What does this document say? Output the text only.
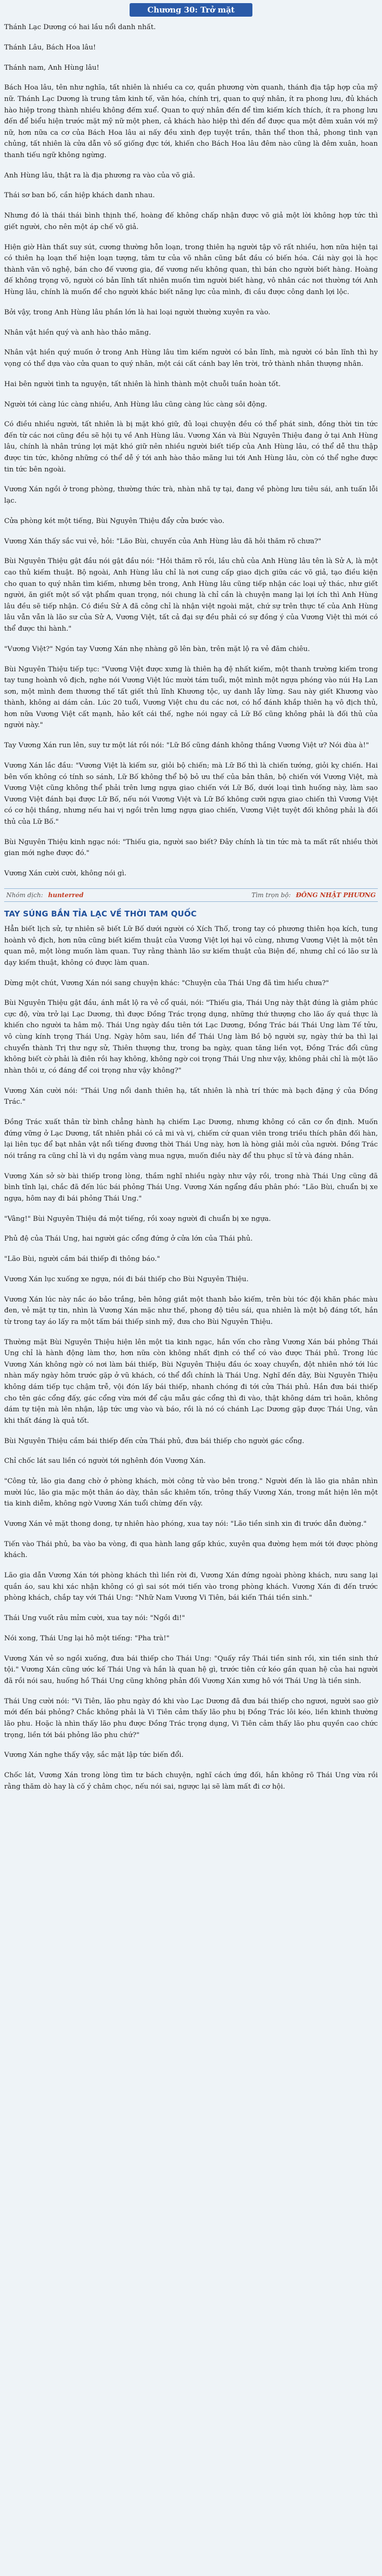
Chương 30: Trở mặt

Thánh Lạc Dương có hai lầu nổi danh nhất.

Thánh Lâu, Bách Hoa lâu!

Thánh nam, Anh Hùng lâu!

Bách Hoa lâu, tên như nghĩa, tất nhiên là nhiều ca cơ, quần phương vờn quanh, thánh địa tập hợp của mỹ nữ. Thánh Lạc Dương là trung tâm kinh tế, văn hóa, chính trị, quan to quý nhân, ít ra phong lưu, đủ khách hào hiệp trong thành nhiều không đếm xuể. Quan to quý nhân đến để tìm kiếm kích thích, ít ra phong lưu đến để biểu hiện trước mặt mỹ nữ một phen, cả khách hào hiệp thì đến để được qua một đêm xuân với mỹ nữ, hơn nữa ca cơ của Bách Hoa lâu ai nấy đều xinh đẹp tuyệt trần, thân thể thon thả, phong tình vạn chủng, tất nhiên là cửa dẫn vô số giống đực tới, khiến cho Bách Hoa lâu đêm nào cũng là đêm xuân, hoan thanh tiếu ngữ không ngừng.

Anh Hùng lâu, thật ra là địa phương ra vào của võ giả.

Thái sơ ban bố, cần hiệp khách danh nhau.

Nhưng đó là thái thái bình thịnh thế, hoàng đế không chấp nhận được võ giả một lời không hợp tức thì giết người, cho nên một áp chế võ giả.

Hiện giờ Hàn thất suy sút, cương thường hỗn loạn, trong thiên hạ người tập võ rất nhiều, hơn nữa hiện tại có thiên hạ loạn thế hiện loạn tượng, tâm tư của võ nhân cũng bắt đầu có biến hóa. Cái này gọi là học thành văn võ nghệ, bán cho đế vương gia, đế vương nếu không quan, thì bán cho người biết hàng. Hoàng đế không trọng võ, người có bản lĩnh tất nhiên muốn tìm người biết hàng, vô nhân các nơi thường tới Anh Hùng lâu, chính là muốn để cho người khác biết năng lực của mình, đi cầu được công danh lợi lộc.

Bởi vậy, trong Anh Hùng lâu phần lớn là hai loại người thường xuyên ra vào.

Nhân vật hiền quý và anh hào thảo mãng.

Nhân vật hiền quý muốn ở trong Anh Hùng lâu tìm kiếm người có bản lĩnh, mà người có bản lĩnh thì hy vọng có thể dựa vào cửa quan to quý nhân, một cái cất cánh bay lên trời, trở thành nhân thượng nhân.

Hai bên người tình ta nguyện, tất nhiên là hình thành một chuỗi tuần hoàn tốt.

Người tới càng lúc càng nhiều, Anh Hùng lâu cũng càng lúc càng sôi động.

Có điều nhiều người, tất nhiên là bị mặt khó giữ, đủ loại chuyện đều có thể phát sinh, đồng thời tin tức đến từ các nơi cũng đều sẽ hội tụ về Anh Hùng lâu. Vương Xán và Bùi Nguyên Thiệu đang ở tại Anh Hùng lâu, chính là nhân trúng lợi mặt khó giữ nên nhiều người biết tiếp của Anh Hùng lâu, có thể dễ thu thập được tin tức, không những có thể dễ ý tới anh hào thảo mãng lui tới Anh Hùng lâu, còn có thể nghe được tin tức bên ngoài.

Vương Xán ngồi ở trong phòng, thường thức trà, nhàn nhã tự tại, đang về phòng lưu tiêu sái, anh tuấn lỗi lạc.

Cửa phòng két một tiếng, Bùi Nguyên Thiệu đẩy cửa bước vào.

Vương Xán thấy sắc vui vẻ, hỏi: "Lão Bùi, chuyến của Anh Hùng lâu đã hỏi thăm rõ chưa?"

Bùi Nguyên Thiệu gật đầu nói gật đầu nói: "Hỏi thăm rõ rồi, lầu chủ của Anh Hùng lâu tên là Sử A, là một cao thủ kiếm thuật. Bộ ngoài, Anh Hùng lâu chỉ là nơi cung cấp giao dịch giữa các võ giả, tạo điều kiện cho quan to quý nhân tìm kiếm, nhưng bên trong, Anh Hùng lâu cũng tiếp nhận các loại uỷ thác, như giết người, ăn giết một số vật phẩm quan trọng, nói chung là chỉ cần là chuyện mang lại lợi ích thì Anh Hùng lâu đều sẽ tiếp nhận. Có điều Sử A đã công chỉ là nhận việt ngoài mặt, chứ sự trên thực tế của Anh Hùng lâu vẫn vẫn là lão sư của Sử A, Vương Việt, tất cả đại sự đều phải có sự đồng ý của Vương Việt thì mới có thể được thi hành."

"Vương Việt?" Ngón tay Vương Xán nhẹ nhàng gõ lên bàn, trên mặt lộ ra vẻ đăm chiêu.

Bùi Nguyên Thiệu tiếp tục: "Vương Việt được xưng là thiên hạ đệ nhất kiếm, một thanh trường kiếm trong tay tung hoành vô địch, nghe nói Vương Việt lúc mười tám tuổi, một mình một ngựa phóng vào núi Hạ Lan sơn, một mình đem thương thế tất giết thủ lĩnh Khương tộc, uy danh lẫy lừng. Sau này giết Khương vào thành, không ai dám cản. Lúc 20 tuổi, Vương Việt chu du các nơi, có hổ đánh khắp thiên hạ vô địch thủ, hơn nữa Vương Việt cất mạnh, hảo kết cái thế, nghe nói ngay cả Lữ Bố cũng không phải là đối thủ của người này."

Tay Vương Xán run lên, suy tư một lát rồi nói: "Lữ Bố cũng đánh không thắng Vương Việt ư? Nói đùa à!"

Vương Xán lắc đầu: "Vương Việt là kiếm sư, giỏi bộ chiến; mà Lữ Bố thì là chiến tướng, giỏi kỵ chiến. Hai bên vốn không có tính so sánh, Lữ Bố không thể bộ bỏ ưu thế của bản thân, bộ chiến với Vương Việt, mà Vương Việt cũng không thể phải trên lưng ngựa giao chiến với Lữ Bố, dưới loại tình huống này, làm sao Vương Việt đánh bại được Lữ Bố, nếu nói Vương Việt và Lữ Bố không cưỡi ngựa giao chiến thì Vương Việt có cơ hội thắng, nhưng nếu hai vị ngồi trên lưng ngựa giao chiến, Vương Việt tuyệt đối không phải là đối thủ của Lữ Bố."

Bùi Nguyên Thiệu kinh ngạc nói: "Thiếu gia, người sao biết? Đây chính là tin tức mà ta mất rất nhiều thời gian mới nghe được đó."

Vương Xán cười cười, không nói gì.

Nhóm dịch: hunterred	Tìm trọn bộ: ĐÔNG NHẬT PHƯƠNG
TAY SÚNG BẮN TỈA LẠC VỀ THỜI TAM QUỐC

Hẳn biết lịch sử, tự nhiên sẽ biết Lữ Bố dưới người có Xích Thố, trong tay có phương thiên họa kích, tung hoành vô địch, hơn nữa cũng biết kiếm thuật của Vương Việt lợi hại vô cùng, nhưng Vương Việt là một tên quan mê, một lòng muốn làm quan. Tuy rằng thành lão sư kiếm thuật của Biện đế, nhưng chỉ có lão sư là dạy kiếm thuật, không có được làm quan.

Dừng một chút, Vương Xán nói sang chuyện khác: "Chuyện của Thái Ung đã tìm hiểu chưa?"

Bùi Nguyên Thiệu gật đầu, ánh mắt lộ ra vẻ cổ quái, nói: "Thiếu gia, Thái Ung này thật đúng là giảm phúc cực độ, vừa trở lại Lạc Dương, thì được Đồng Trác trọng dụng, những thứ thượng cho lão ấy quá thực là khiến cho người ta hâm mộ. Thái Ung ngày đầu tiên tới Lạc Dương, Đồng Trác bái Thái Ung làm Tế tửu, vô cùng kính trọng Thái Ung. Ngày hôm sau, liền để Thái Ung làm Bồ bộ người sự, ngày thứ ba thì lại chuyển thành Trị thư ngự sử, Thiên thượng thư, trong ba ngày, quan tăng liền vọt, Đồng Trác đổi cũng không biết cờ phải là điên rồi hay không, không ngờ coi trọng Thái Ung như vậy, không phải chỉ là một lão nhàn thôi ư, có đáng để coi trọng như vậy không?"

Vương Xán cười nói: "Thái Ung nổi danh thiên hạ, tất nhiên là nhà trí thức mà bạch đặng ý của Đồng Trác."

Đồng Trác xuất thân từ bình chẳng hành hạ chiếm Lạc Dương, nhưng không có căn cơ ổn định. Muốn đứng vững ở Lạc Dương, tất nhiên phải có cả mi và vị, chiếm cứ quan viên trong triều thích phân đối hàn, lại liên tục để bạt nhân vật nổi tiếng đương thời Thái Ung này, hơn là hòng giải mỏi của người. Đồng Trác nói trắng ra cũng chỉ là vì dụ ngầm vàng mua ngựa, muốn điều này để thu phục sĩ tử và đáng nhân.

Vương Xán sở sờ bài thiếp trong lòng, thầm nghĩ nhiều ngày như vậy rồi, trong nhà Thái Ung cũng đã bình tĩnh lại, chắc đã đến lúc bái phỏng Thái Ung. Vương Xán ngẩng đầu phân phó: "Lão Bùi, chuẩn bị xe ngựa, hôm nay đi bái phỏng Thái Ung."

"Vâng!" Bùi Nguyên Thiệu đá một tiếng, rồi xoay người đi chuẩn bị xe ngựa.

Phủ đệ của Thái Ung, hai người gác cổng đứng ở cửa lớn của Thái phủ.

"Lão Bùi, người cầm bái thiếp đi thông báo."

Vương Xán lục xuống xe ngựa, nói đi bái thiếp cho Bùi Nguyên Thiệu.

Vương Xán lúc này nắc áo bảo trắng, bên hông giắt một thanh bảo kiếm, trên bùi tóc đội khăn phác màu đen, vẻ mặt tự tin, nhìn là Vương Xán mặc như thế, phong độ tiêu sái, qua nhiên là một bộ đáng tốt, hắn từ trong tay áo lấy ra một tấm bái thiếp sinh mỹ, đưa cho Bùi Nguyên Thiệu.

Thường mặt Bùi Nguyên Thiệu hiện lên một tia kinh ngạc, hắn vốn cho rằng Vương Xán bái phỏng Thái Ung chỉ là hành động làm thơ, hơn nữa còn không nhất định có thể có vào được Thái phủ. Trong lúc Vương Xán không ngờ có nơi làm bái thiếp, Bùi Nguyên Thiệu đầu óc xoay chuyển, đột nhiên nhớ tới lúc nhàn mấy ngày hôm trước gặp ở vũ khách, có thể đổi chính là Thái Ung. Nghĩ đến đây, Bùi Nguyên Thiệu không dám tiếp tục chậm trễ, vội đón lấy bái thiếp, nhanh chóng đi tới cửa Thái phủ. Hắn đưa bái thiếp cho tên gác cổng đấy, gác cổng vừa mới để cậu mẫu gác cổng thì đi vào, thật không dám trì hoãn, không dám tự tiện mà lên nhận, lập tức ưng vào và báo, rồi là nó có chánh Lạc Dương gặp được Thái Ung, vân khi thất đáng là quả tốt.

Bùi Nguyên Thiệu cầm bái thiếp đến cửa Thái phủ, đưa bái thiếp cho người gác cổng.

Chỉ chốc lát sau liền có người tới nghênh đón Vương Xán.

"Công tử, lão gia đang chờ ở phòng khách, mời công tử vào bên trong." Người đến là lão gia nhân nhìn mười lúc, lão gia mặc một thân áo dày, thân sắc khiêm tốn, trông thấy Vương Xán, trong mắt hiện lên một tia kinh diễm, không ngờ Vương Xán tuổi chừng đến vậy.

Vương Xán vẻ mặt thong dong, tự nhiên hào phóng, xua tay nói: "Lão tiền sinh xin đi trước dẫn đường."

Tiến vào Thái phủ, ba vào ba vòng, đi qua hành lang gấp khúc, xuyên qua đường hẹm mới tới được phòng khách.

Lão gia dẫn Vương Xán tới phòng khách thì liền rời đi, Vương Xán đứng ngoài phòng khách, nưu sang lại quần áo, sau khi xác nhận không có gì sai sót mới tiến vào trong phòng khách. Vương Xán đi đến trước phòng khách, chắp tay với Thái Ung: "Nhữ Nam Vương Vi Tiên, bái kiến Thái tiền sinh."

Thái Ung vuốt râu mỉm cười, xua tay nói: "Ngồi đi!"

Nói xong, Thái Ung lại hô một tiếng: "Pha trà!"

Vương Xán vẻ so ngồi xuống, đưa bái thiếp cho Thái Ung: "Quấy rầy Thái tiền sinh rồi, xin tiền sinh thứ tội." Vương Xán cũng ước kế Thái Ung và hắn là quan hệ gì, trước tiên cứ kéo gần quan hệ của hai người đã rồi nói sau, huống hồ Thái Ung cũng không phản đối Vương Xán xưng hô với Thái Ung là tiền sinh.

Thái Ung cười nói: "Vi Tiên, lão phu ngày đó khi vào Lạc Dương đã đưa bái thiếp cho ngươi, người sao giờ mới đến bái phỏng? Chắc không phải là Vi Tiên cảm thấy lão phu bị Đồng Trác lôi kéo, liền khinh thường lão phu. Hoặc là nhìn thấy lão phu được Đồng Trác trọng dụng, Vi Tiên cảm thấy lão phu quyền cao chức trọng, liền tới bái phỏng lão phu chứ?"

Vương Xán nghe thấy vậy, sắc mặt lập tức biến đổi.

Chốc lát, Vương Xán trong lòng tìm tư bách chuyện, nghĩ cách ứng đối, hắn không rõ Thái Ung vừa rồi rằng thăm dò hay là cố ý châm chọc, nếu nói sai, ngược lại sẽ làm mất đi cơ hội.
